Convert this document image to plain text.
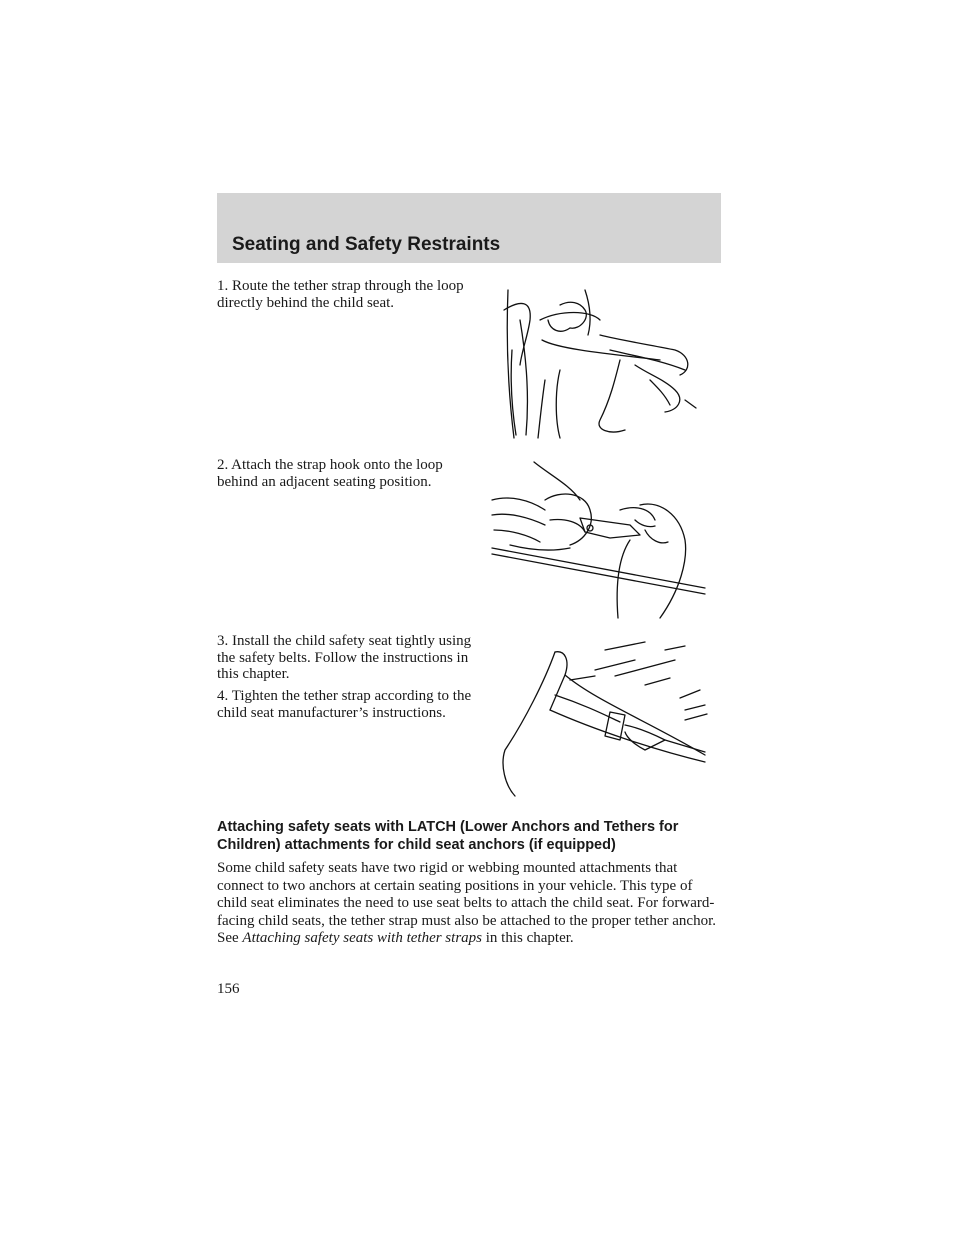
Seating and Safety Restraints
1. Route the tether strap through the loop directly behind the child seat.
2. Attach the strap hook onto the loop behind an adjacent seating position.
3. Install the child safety seat tightly using the safety belts. Follow the instructions in this chapter.
4. Tighten the tether strap according to the child seat manufacturer’s instructions.
Attaching safety seats with LATCH (Lower Anchors and Tethers for Children) attachments for child seat anchors (if equipped)
Some child safety seats have two rigid or webbing mounted attachments that connect to two anchors at certain seating positions in your vehicle. This type of child seat eliminates the need to use seat belts to attach the child seat. For forward-facing child seats, the tether strap must also be attached to the proper tether anchor. See Attaching safety seats with tether straps in this chapter.
156
